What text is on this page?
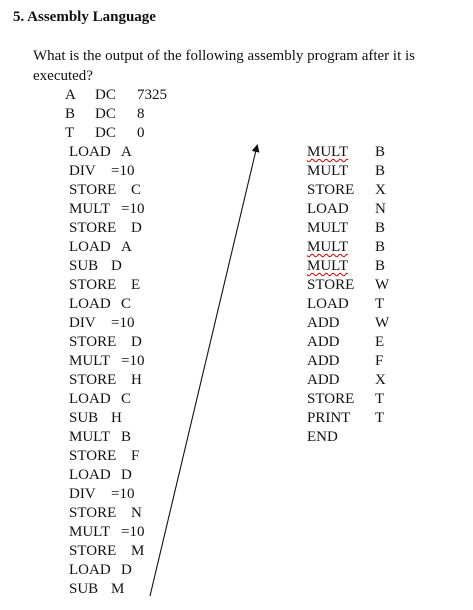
5. Assembly Language
What is the output of the following assembly program after it is executed?
A DC 7325
B DC 8
T DC 0
LOAD A
DIV =10
STORE C
MULT =10
STORE D
LOAD A
SUB D
STORE E
LOAD C
DIV =10
STORE D
MULT =10
STORE H
LOAD C
SUB H
MULT B
STORE F
LOAD D
DIV =10
STORE N
MULT =10
STORE M
LOAD D
SUB M
MULT B
MULT B
STORE X
LOAD N
MULT B
MULT B
MULT B
STORE W
LOAD T
ADD W
ADD E
ADD F
ADD X
STORE T
PRINT T
END
